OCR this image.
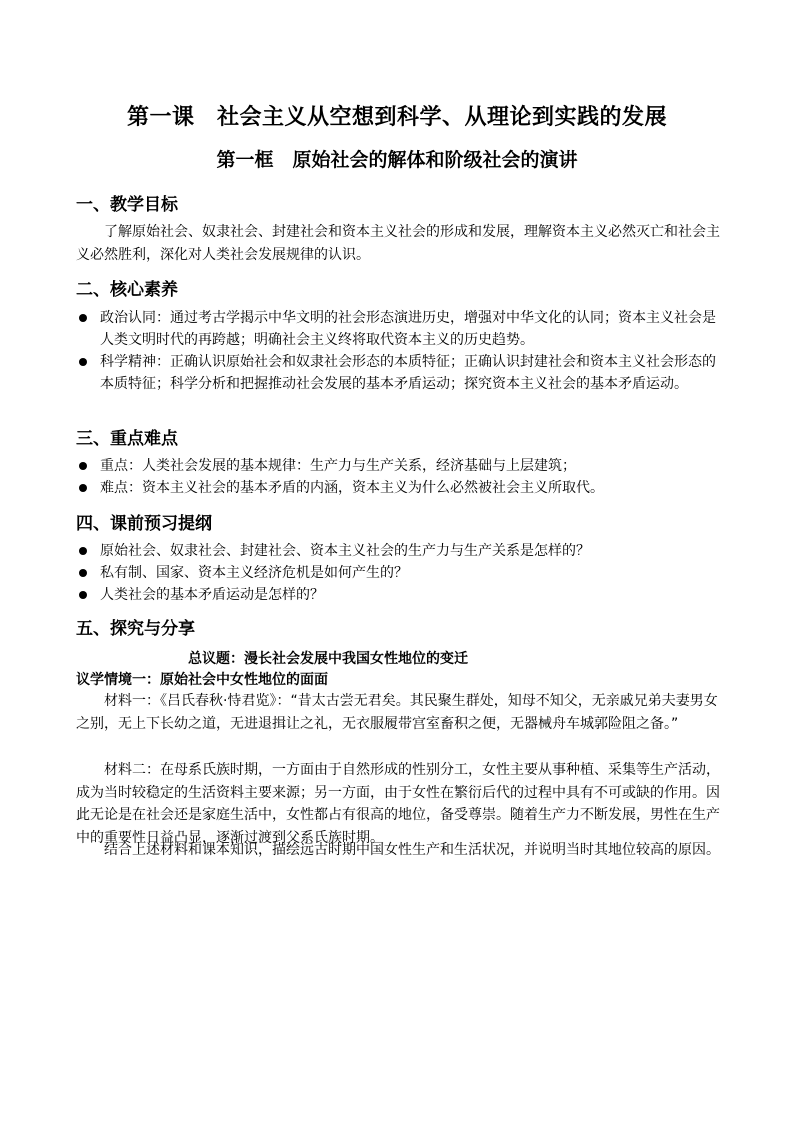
第一课　社会主义从空想到科学、从理论到实践的发展
第一框　原始社会的解体和阶级社会的演讲
一、教学目标
了解原始社会、奴隶社会、封建社会和资本主义社会的形成和发展，理解资本主义必然灭亡和社会主义必然胜利，深化对人类社会发展规律的认识。
二、核心素养
政治认同：通过考古学揭示中华文明的社会形态演进历史，增强对中华文化的认同；资本主义社会是人类文明时代的再跨越；明确社会主义终将取代资本主义的历史趋势。
科学精神：正确认识原始社会和奴隶社会形态的本质特征；正确认识封建社会和资本主义社会形态的本质特征；科学分析和把握推动社会发展的基本矛盾运动；探究资本主义社会的基本矛盾运动。
三、重点难点
重点：人类社会发展的基本规律：生产力与生产关系，经济基础与上层建筑；
难点：资本主义社会的基本矛盾的内涵，资本主义为什么必然被社会主义所取代。
四、课前预习提纲
原始社会、奴隶社会、封建社会、资本主义社会的生产力与生产关系是怎样的？
私有制、国家、资本主义经济危机是如何产生的？
人类社会的基本矛盾运动是怎样的？
五、探究与分享
总议题：漫长社会发展中我国女性地位的变迁
议学情境一：原始社会中女性地位的面面
材料一：《吕氏春秋·恃君览》：“昔太古尝无君矣。其民聚生群处，知母不知父，无亲戚兄弟夫妻男女之别，无上下长幼之道，无进退揖让之礼，无衣服履带宫室畜积之便，无器械舟车城郭险阻之备。”
材料二：在母系氏族时期，一方面由于自然形成的性别分工，女性主要从事种植、采集等生产活动，成为当时较稳定的生活资料主要来源；另一方面，由于女性在繁衍后代的过程中具有不可或缺的作用。因此无论是在社会还是家庭生活中，女性都占有很高的地位，备受尊崇。随着生产力不断发展，男性在生产中的重要性日益凸显，逐渐过渡到父系氏族时期。
结合上述材料和课本知识，描绘远古时期中国女性生产和生活状况，并说明当时其地位较高的原因。
